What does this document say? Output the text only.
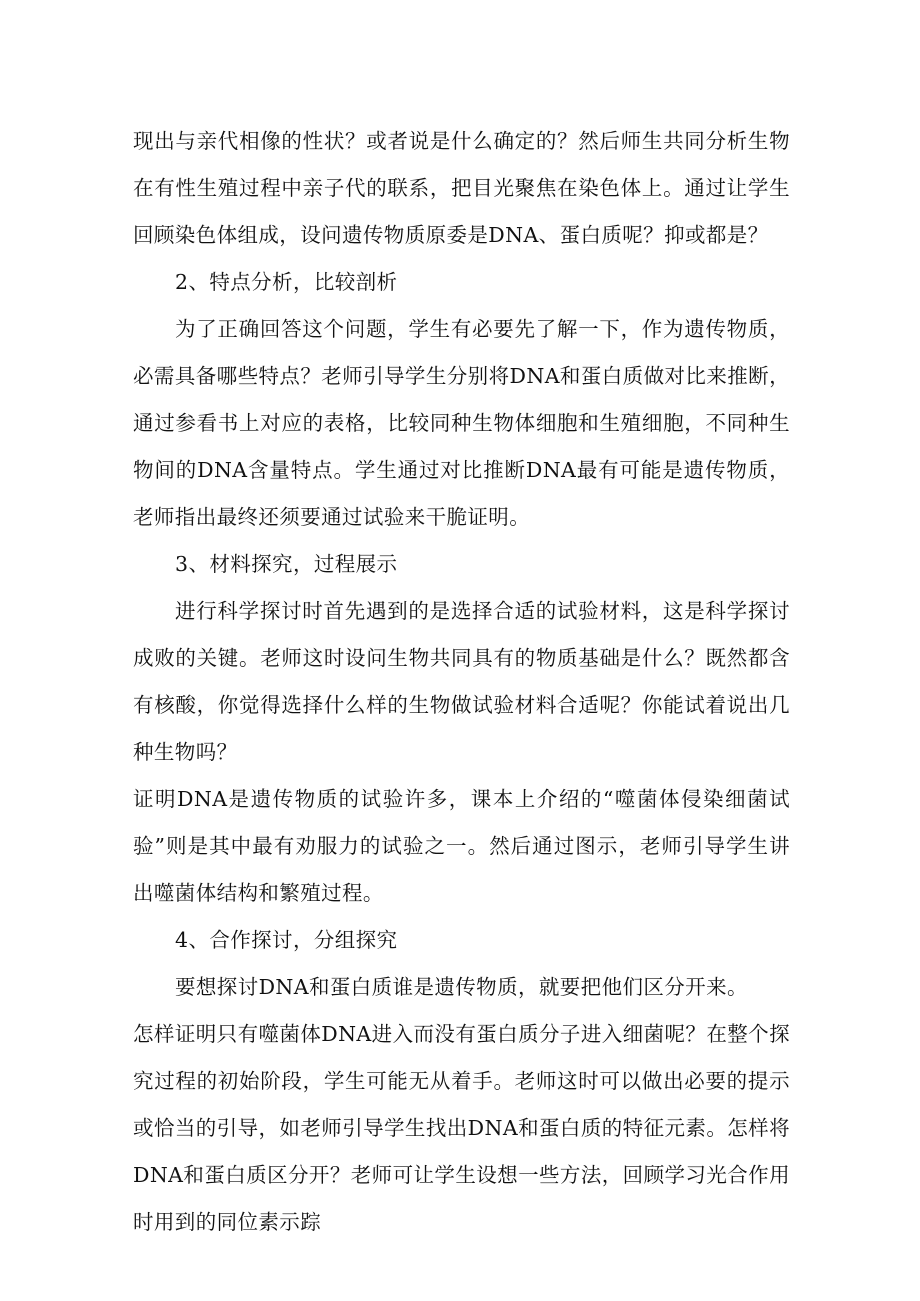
现出与亲代相像的性状？或者说是什么确定的？然后师生共同分析生物在有性生殖过程中亲子代的联系，把目光聚焦在染色体上。通过让学生回顾染色体组成，设问遗传物质原委是DNA、蛋白质呢？抑或都是？

2、特点分析，比较剖析

为了正确回答这个问题，学生有必要先了解一下，作为遗传物质，必需具备哪些特点？老师引导学生分别将DNA和蛋白质做对比来推断，通过参看书上对应的表格，比较同种生物体细胞和生殖细胞，不同种生物间的DNA含量特点。学生通过对比推断DNA最有可能是遗传物质，老师指出最终还须要通过试验来干脆证明。

3、材料探究，过程展示

进行科学探讨时首先遇到的是选择合适的试验材料，这是科学探讨成败的关键。老师这时设问生物共同具有的物质基础是什么？既然都含有核酸，你觉得选择什么样的生物做试验材料合适呢？你能试着说出几种生物吗？

证明DNA是遗传物质的试验许多，课本上介绍的“噬菌体侵染细菌试验”则是其中最有劝服力的试验之一。然后通过图示，老师引导学生讲出噬菌体结构和繁殖过程。

4、合作探讨，分组探究

要想探讨DNA和蛋白质谁是遗传物质，就要把他们区分开来。

怎样证明只有噬菌体DNA进入而没有蛋白质分子进入细菌呢？在整个探究过程的初始阶段，学生可能无从着手。老师这时可以做出必要的提示或恰当的引导，如老师引导学生找出DNA和蛋白质的特征元素。怎样将DNA和蛋白质区分开？老师可让学生设想一些方法，回顾学习光合作用时用到的同位素示踪
